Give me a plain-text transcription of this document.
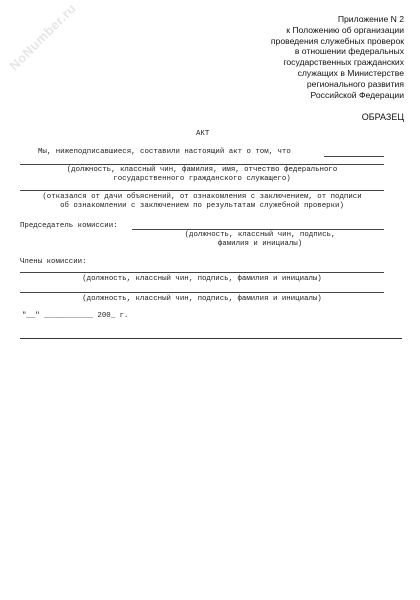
NoNumber.ru	Приложение N 2
к Положению об организации
проведения служебных проверок
в отношении федеральных
государственных гражданских
служащих в Министерстве
регионального развития
Российской Федерации
ОБРАЗЕЦ
АКТ
Мы, нижеподписавшиеся, составили настоящий акт о том, что
(должность, классный чин, фамилия, имя, отчество федерального
государственного гражданского служащего)
(отказался от дачи объяснений, от ознакомления с заключением, от подписи
об ознакомлении с заключением по результатам служебной проверки)
Председатель комиссии:
(должность, классный чин, подпись,
фамилия и инициалы)
Члены комиссии:
(должность, классный чин, подпись, фамилия и инициалы)
(должность, классный чин, подпись, фамилия и инициалы)
"__" ___________ 200_ г.
